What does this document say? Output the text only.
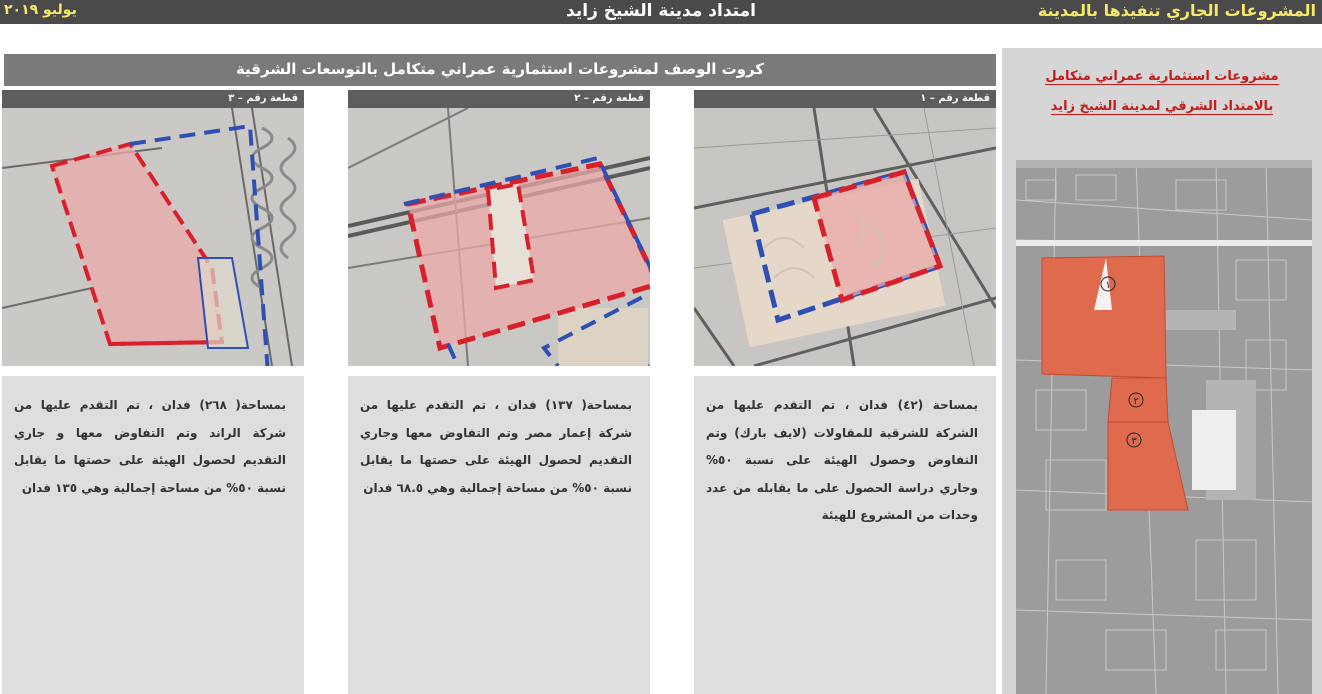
المشروعات الجاري تنفيذها بالمدينة
امتداد مدينة الشيخ زايد
يوليو ٢٠١٩
مشروعات استثمارية عمراني متكامل
بالامتداد الشرقي لمدينة الشيخ زايد
١
٢
٣
كروت الوصف لمشروعات استثمارية عمراني متكامل بالتوسعات الشرقية
قطعة رقم – ١

بمساحة (٤٢) فدان ، تم التقدم عليها من الشركة للشرقية للمقاولات (لايف بارك) وتم التفاوض وحصول الهيئة على نسبة ٥٠% وجاري دراسة الحصول على ما يقابله من عدد وحدات من المشروع للهيئة

قطعة رقم – ٢

بمساحة( ١٣٧) فدان ، تم التقدم عليها من شركة إعمار مصر وتم التفاوض معها وجاري التقديم لحصول الهيئة على حصتها ما يقابل نسبة ٥٠% من مساحة إجمالية وهي ٦٨.٥ فدان

قطعة رقم – ٣

بمساحة( ٢٦٨) فدان ، تم التقدم عليها من شركة الراند وتم التفاوض معها و جاري التقديم لحصول الهيئة على حصتها ما يقابل نسبة ٥٠% من مساحة إجمالية وهي ١٣٥ فدان
